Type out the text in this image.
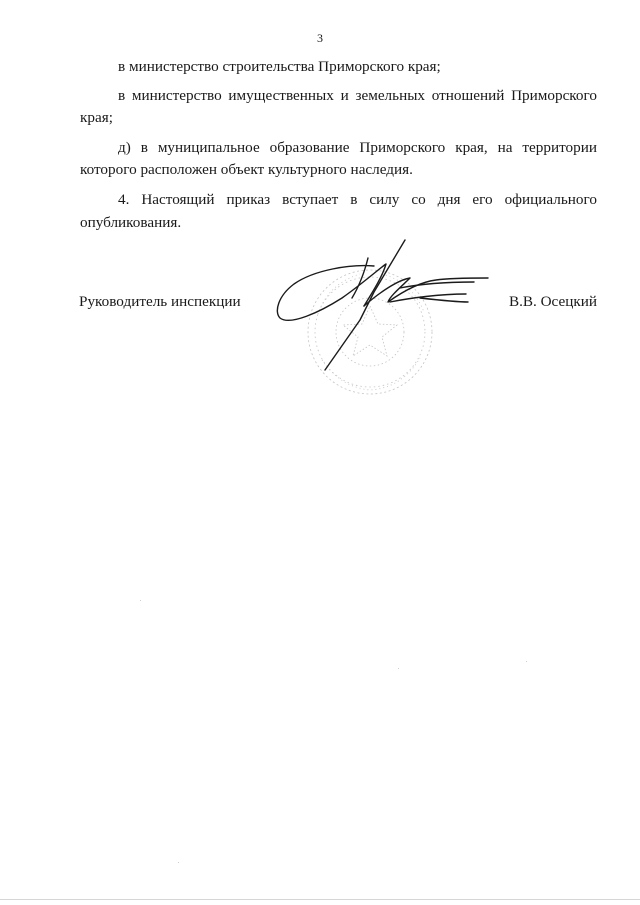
3
в министерство строительства Приморского края;
в министерство имущественных и земельных отношений Приморского
края;
д) в муниципальное образование Приморского края, на территории
которого расположен объект культурного наследия.
4. Настоящий приказ вступает в силу со дня его официального
опубликования.
Руководитель инспекции	В.В. Осецкий
